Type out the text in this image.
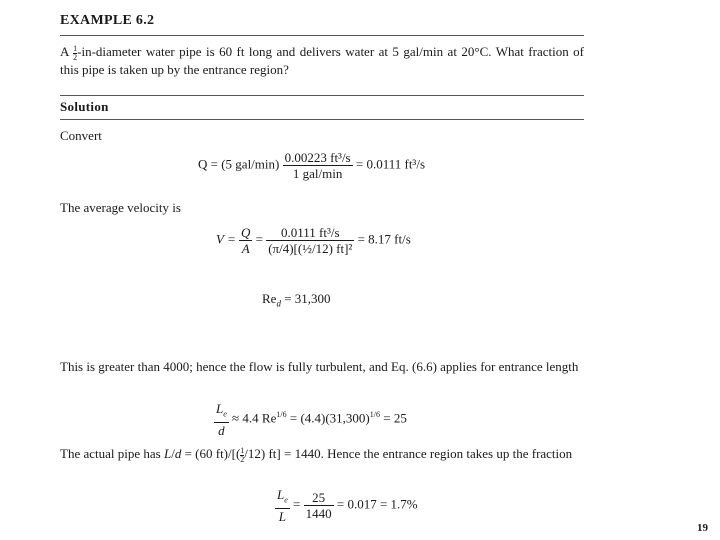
EXAMPLE 6.2
A $\frac{1}{2}$ -in-diameter water pipe is 60 ft long and delivers water at 5 gal/min at 20°C. What fraction of this pipe is taken up by the entrance region?
Solution
Convert
Q = (5 $gal/\min) \frac{\text{0.00223 ft³/s}}{\text{1 gal/min}} = 0.0111$ ft³/s
The average velocity is
$V = \frac{Q}{A} = \frac{\text{0.0111 ft³/s}}{\text{(π/4)[(½/12) ft]²}} = 8.17$ ft/s
$Re_d = 31,300$
This is greater than 4000; hence the flow is fully turbulent, and Eq. (6.6) applies for entrance length
$\frac{L_e}{d} \approx 4.4$ $Re^{1/6} = (4.4)(31,300)^{1/6} = 25$
The actual pipe has L/d = (60 $ft)/[( \frac{1}{2} /12)$ ft] = 1440. Hence the entrance region takes up the fraction
$\frac{L_e}{L} = \frac{25}{1440} = 0.017 = 1.7\%$
19
